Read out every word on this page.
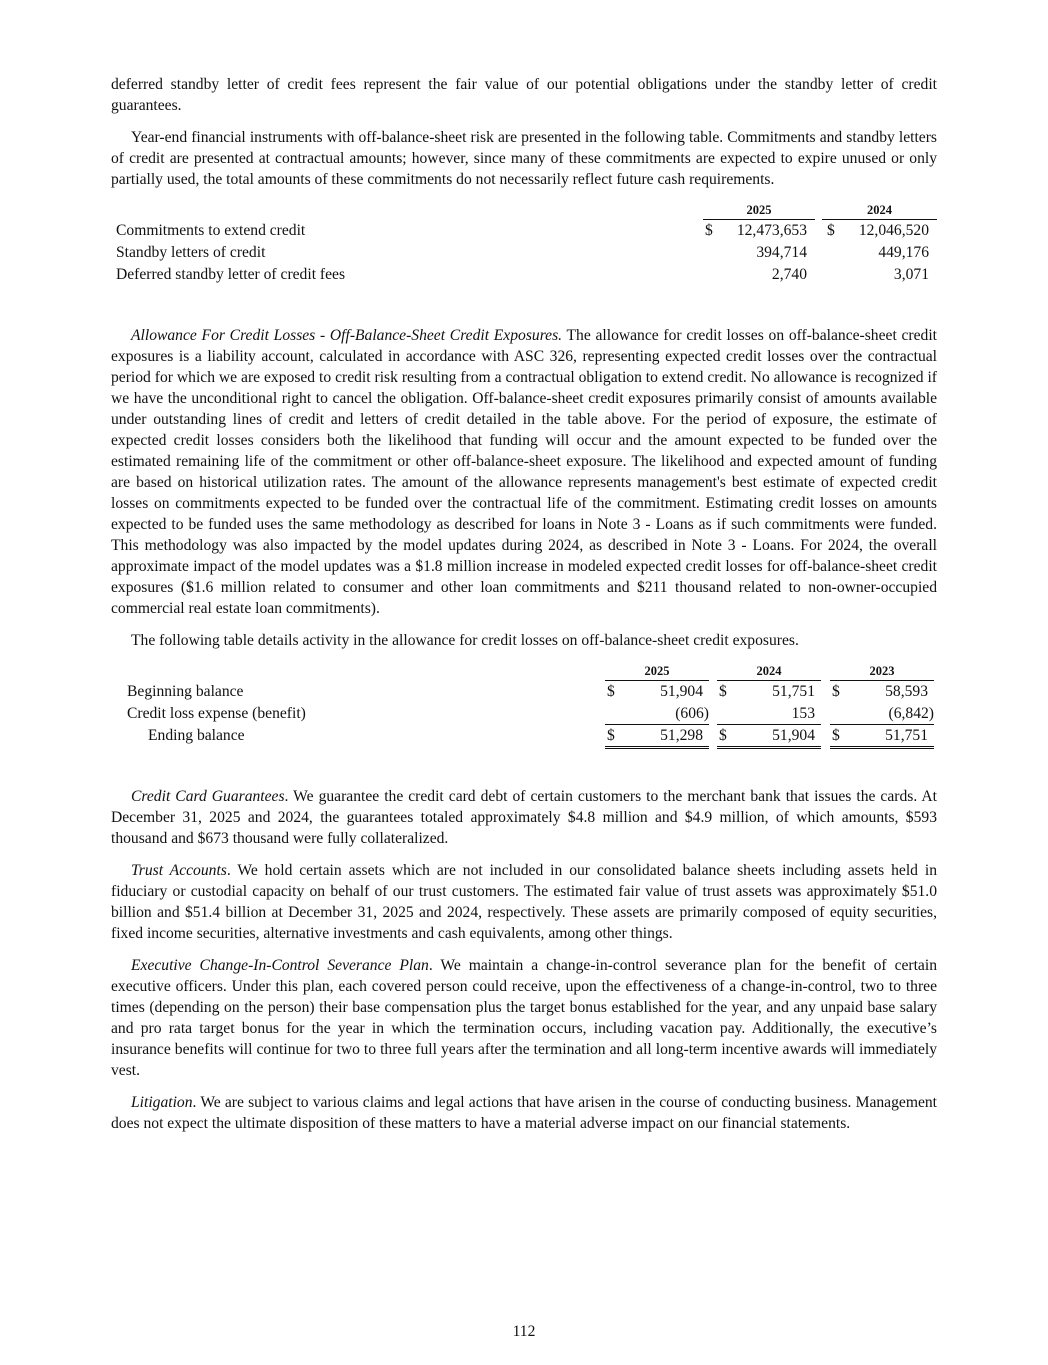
deferred standby letter of credit fees represent the fair value of our potential obligations under the standby letter of credit guarantees.

Year-end financial instruments with off-balance-sheet risk are presented in the following table. Commitments and standby letters of credit are presented at contractual amounts; however, since many of these commitments are expected to expire unused or only partially used, the total amounts of these commitments do not necessarily reflect future cash requirements.

2025	2024
Commitments to extend credit	$	12,473,653 $	12,046,520
Standby letters of credit	394,714	449,176
Deferred standby letter of credit fees	2,740	3,071

Allowance For Credit Losses - Off-Balance-Sheet Credit Exposures. The allowance for credit losses on off-balance-sheet credit exposures is a liability account, calculated in accordance with ASC 326, representing expected credit losses over the contractual period for which we are exposed to credit risk resulting from a contractual obligation to extend credit. No allowance is recognized if we have the unconditional right to cancel the obligation. Off-balance-sheet credit exposures primarily consist of amounts available under outstanding lines of credit and letters of credit detailed in the table above. For the period of exposure, the estimate of expected credit losses considers both the likelihood that funding will occur and the amount expected to be funded over the estimated remaining life of the commitment or other off-balance-sheet exposure. The likelihood and expected amount of funding are based on historical utilization rates. The amount of the allowance represents management's best estimate of expected credit losses on commitments expected to be funded over the contractual life of the commitment. Estimating credit losses on amounts expected to be funded uses the same methodology as described for loans in Note 3 - Loans as if such commitments were funded. This methodology was also impacted by the model updates during 2024, as described in Note 3 - Loans. For 2024, the overall approximate impact of the model updates was a $1.8 million increase in modeled expected credit losses for off-balance-sheet credit exposures ($1.6 million related to consumer and other loan commitments and $211 thousand related to non-owner-occupied commercial real estate loan commitments).

The following table details activity in the allowance for credit losses on off-balance-sheet credit exposures.

2025	2024	2023
Beginning balance	$	51,904 $	51,751 $	58,593
Credit loss expense (benefit)	(606)	153	(6,842)
Ending balance	$	51,298 $	51,904 $	51,751

Credit Card Guarantees. We guarantee the credit card debt of certain customers to the merchant bank that issues the cards. At December 31, 2025 and 2024, the guarantees totaled approximately $4.8 million and $4.9 million, of which amounts, $593 thousand and $673 thousand were fully collateralized.

Trust Accounts. We hold certain assets which are not included in our consolidated balance sheets including assets held in fiduciary or custodial capacity on behalf of our trust customers. The estimated fair value of trust assets was approximately $51.0 billion and $51.4 billion at December 31, 2025 and 2024, respectively. These assets are primarily composed of equity securities, fixed income securities, alternative investments and cash equivalents, among other things.

Executive Change-In-Control Severance Plan. We maintain a change-in-control severance plan for the benefit of certain executive officers. Under this plan, each covered person could receive, upon the effectiveness of a change-in-control, two to three times (depending on the person) their base compensation plus the target bonus established for the year, and any unpaid base salary and pro rata target bonus for the year in which the termination occurs, including vacation pay. Additionally, the executive’s insurance benefits will continue for two to three full years after the termination and all long-term incentive awards will immediately vest.

Litigation. We are subject to various claims and legal actions that have arisen in the course of conducting business. Management does not expect the ultimate disposition of these matters to have a material adverse impact on our financial statements.

112
